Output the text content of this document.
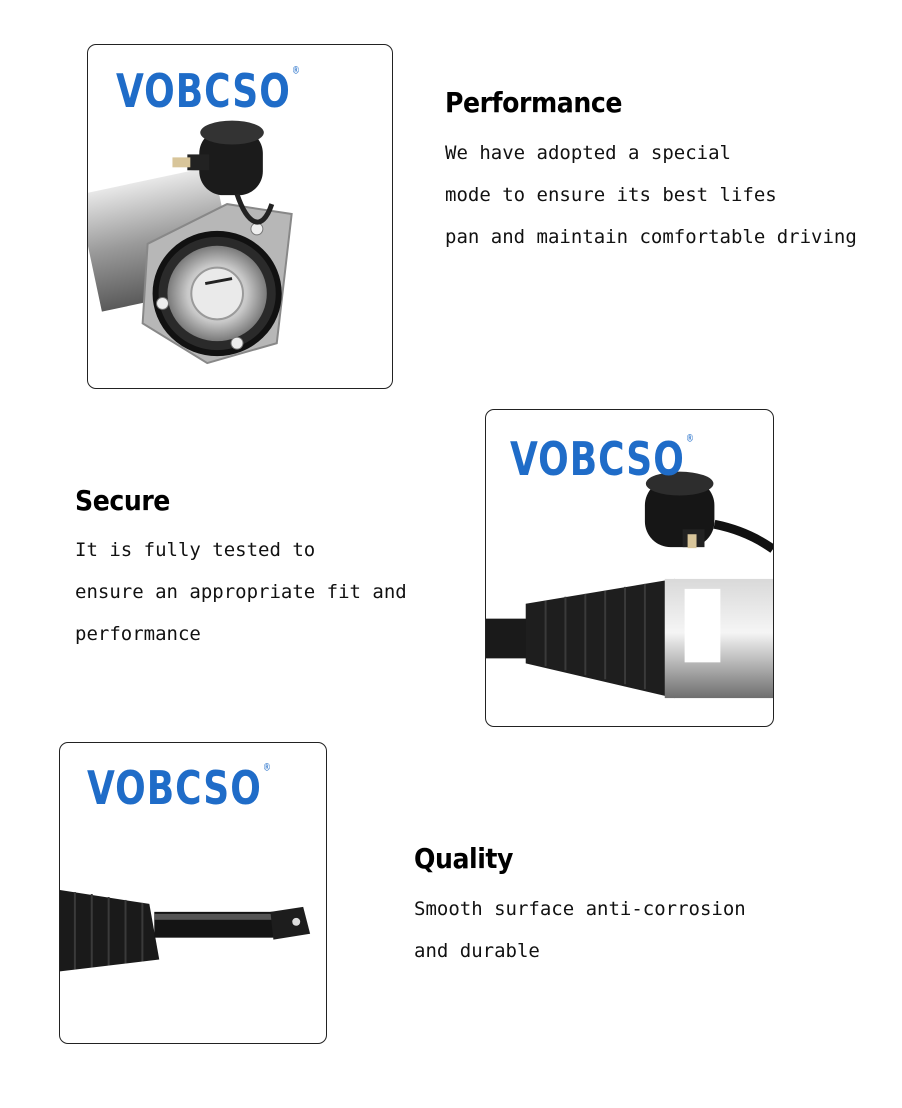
VOBCSO®
Performance
We have adopted a special
mode to ensure its best lifes
pan and maintain comfortable driving
VOBCSO®
Secure
It is fully tested to
ensure an appropriate fit and
performance
VOBCSO®
Quality
Smooth surface anti-corrosion
and durable
